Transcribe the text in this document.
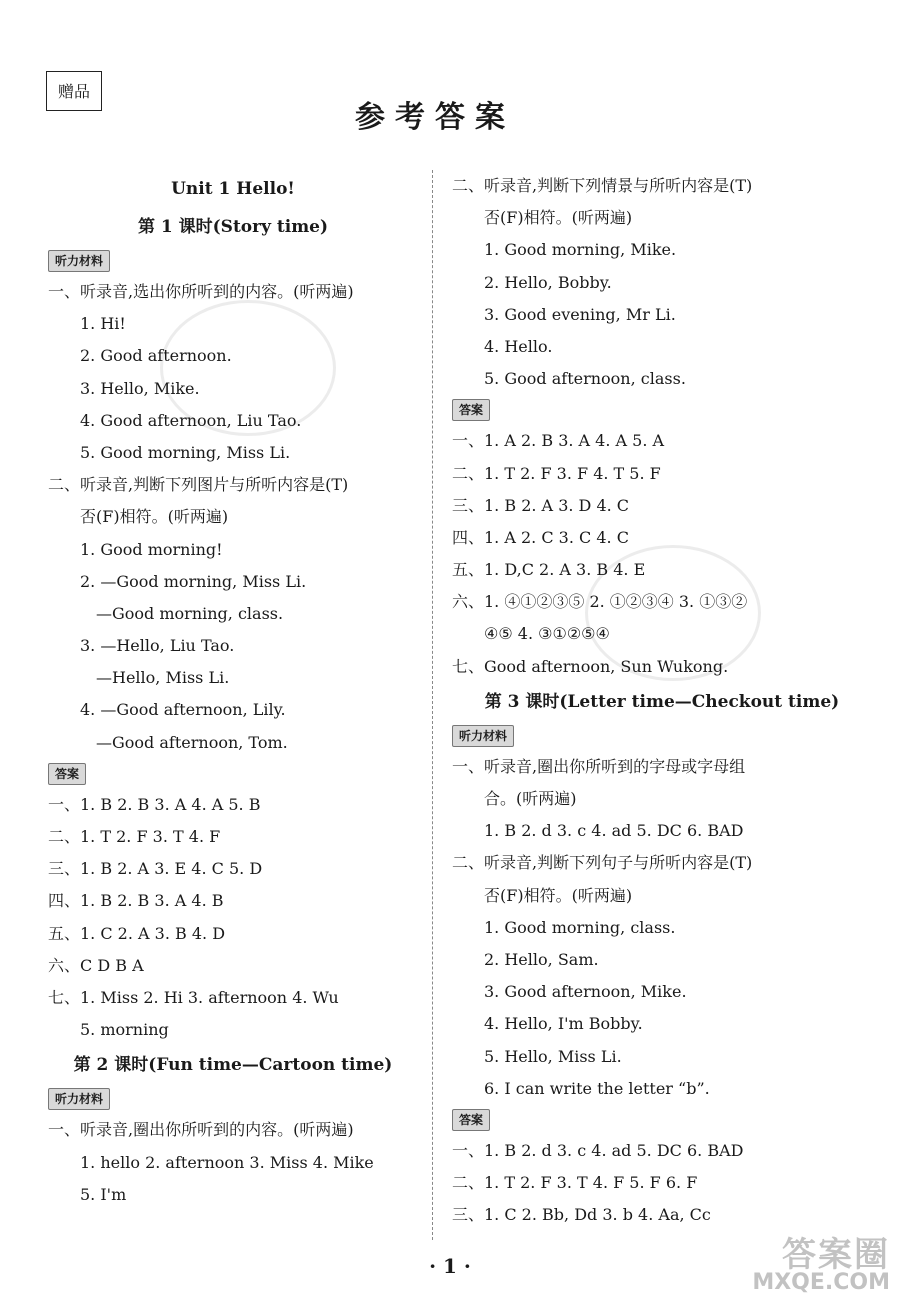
赠品
参考答案
Unit 1 Hello!
第 1 课时(Story time)
听力材料
一、听录音,选出你所听到的内容。(听两遍)
1. Hi!
2. Good afternoon.
3. Hello, Mike.
4. Good afternoon, Liu Tao.
5. Good morning, Miss Li.
二、听录音,判断下列图片与所听内容是(T)
否(F)相符。(听两遍)
1. Good morning!
2. —Good morning, Miss Li.
—Good morning, class.
3. —Hello, Liu Tao.
—Hello, Miss Li.
4. —Good afternoon, Lily.
—Good afternoon, Tom.
答案
一、1. B 2. B 3. A 4. A 5. B
二、1. T 2. F 3. T 4. F
三、1. B 2. A 3. E 4. C 5. D
四、1. B 2. B 3. A 4. B
五、1. C 2. A 3. B 4. D
六、C D B A
七、1. Miss 2. Hi 3. afternoon 4. Wu
5. morning
第 2 课时(Fun time—Cartoon time)
听力材料
一、听录音,圈出你所听到的内容。(听两遍)
1. hello 2. afternoon 3. Miss 4. Mike
5. I'm
二、听录音,判断下列情景与所听内容是(T)
否(F)相符。(听两遍)
1. Good morning, Mike.
2. Hello, Bobby.
3. Good evening, Mr Li.
4. Hello.
5. Good afternoon, class.
答案
一、1. A 2. B 3. A 4. A 5. A
二、1. T 2. F 3. F 4. T 5. F
三、1. B 2. A 3. D 4. C
四、1. A 2. C 3. C 4. C
五、1. D,C 2. A 3. B 4. E
六、1. ④①②③⑤ 2. ①②③④ 3. ①③②
④⑤ 4. ③①②⑤④
七、Good afternoon, Sun Wukong.
第 3 课时(Letter time—Checkout time)
听力材料
一、听录音,圈出你所听到的字母或字母组
合。(听两遍)
1. B 2. d 3. c 4. ad 5. DC 6. BAD
二、听录音,判断下列句子与所听内容是(T)
否(F)相符。(听两遍)
1. Good morning, class.
2. Hello, Sam.
3. Good afternoon, Mike.
4. Hello, I'm Bobby.
5. Hello, Miss Li.
6. I can write the letter “b”.
答案
一、1. B 2. d 3. c 4. ad 5. DC 6. BAD
二、1. T 2. F 3. T 4. F 5. F 6. F
三、1. C 2. Bb, Dd 3. b 4. Aa, Cc
· 1 ·	答案圈
MXQE.COM
